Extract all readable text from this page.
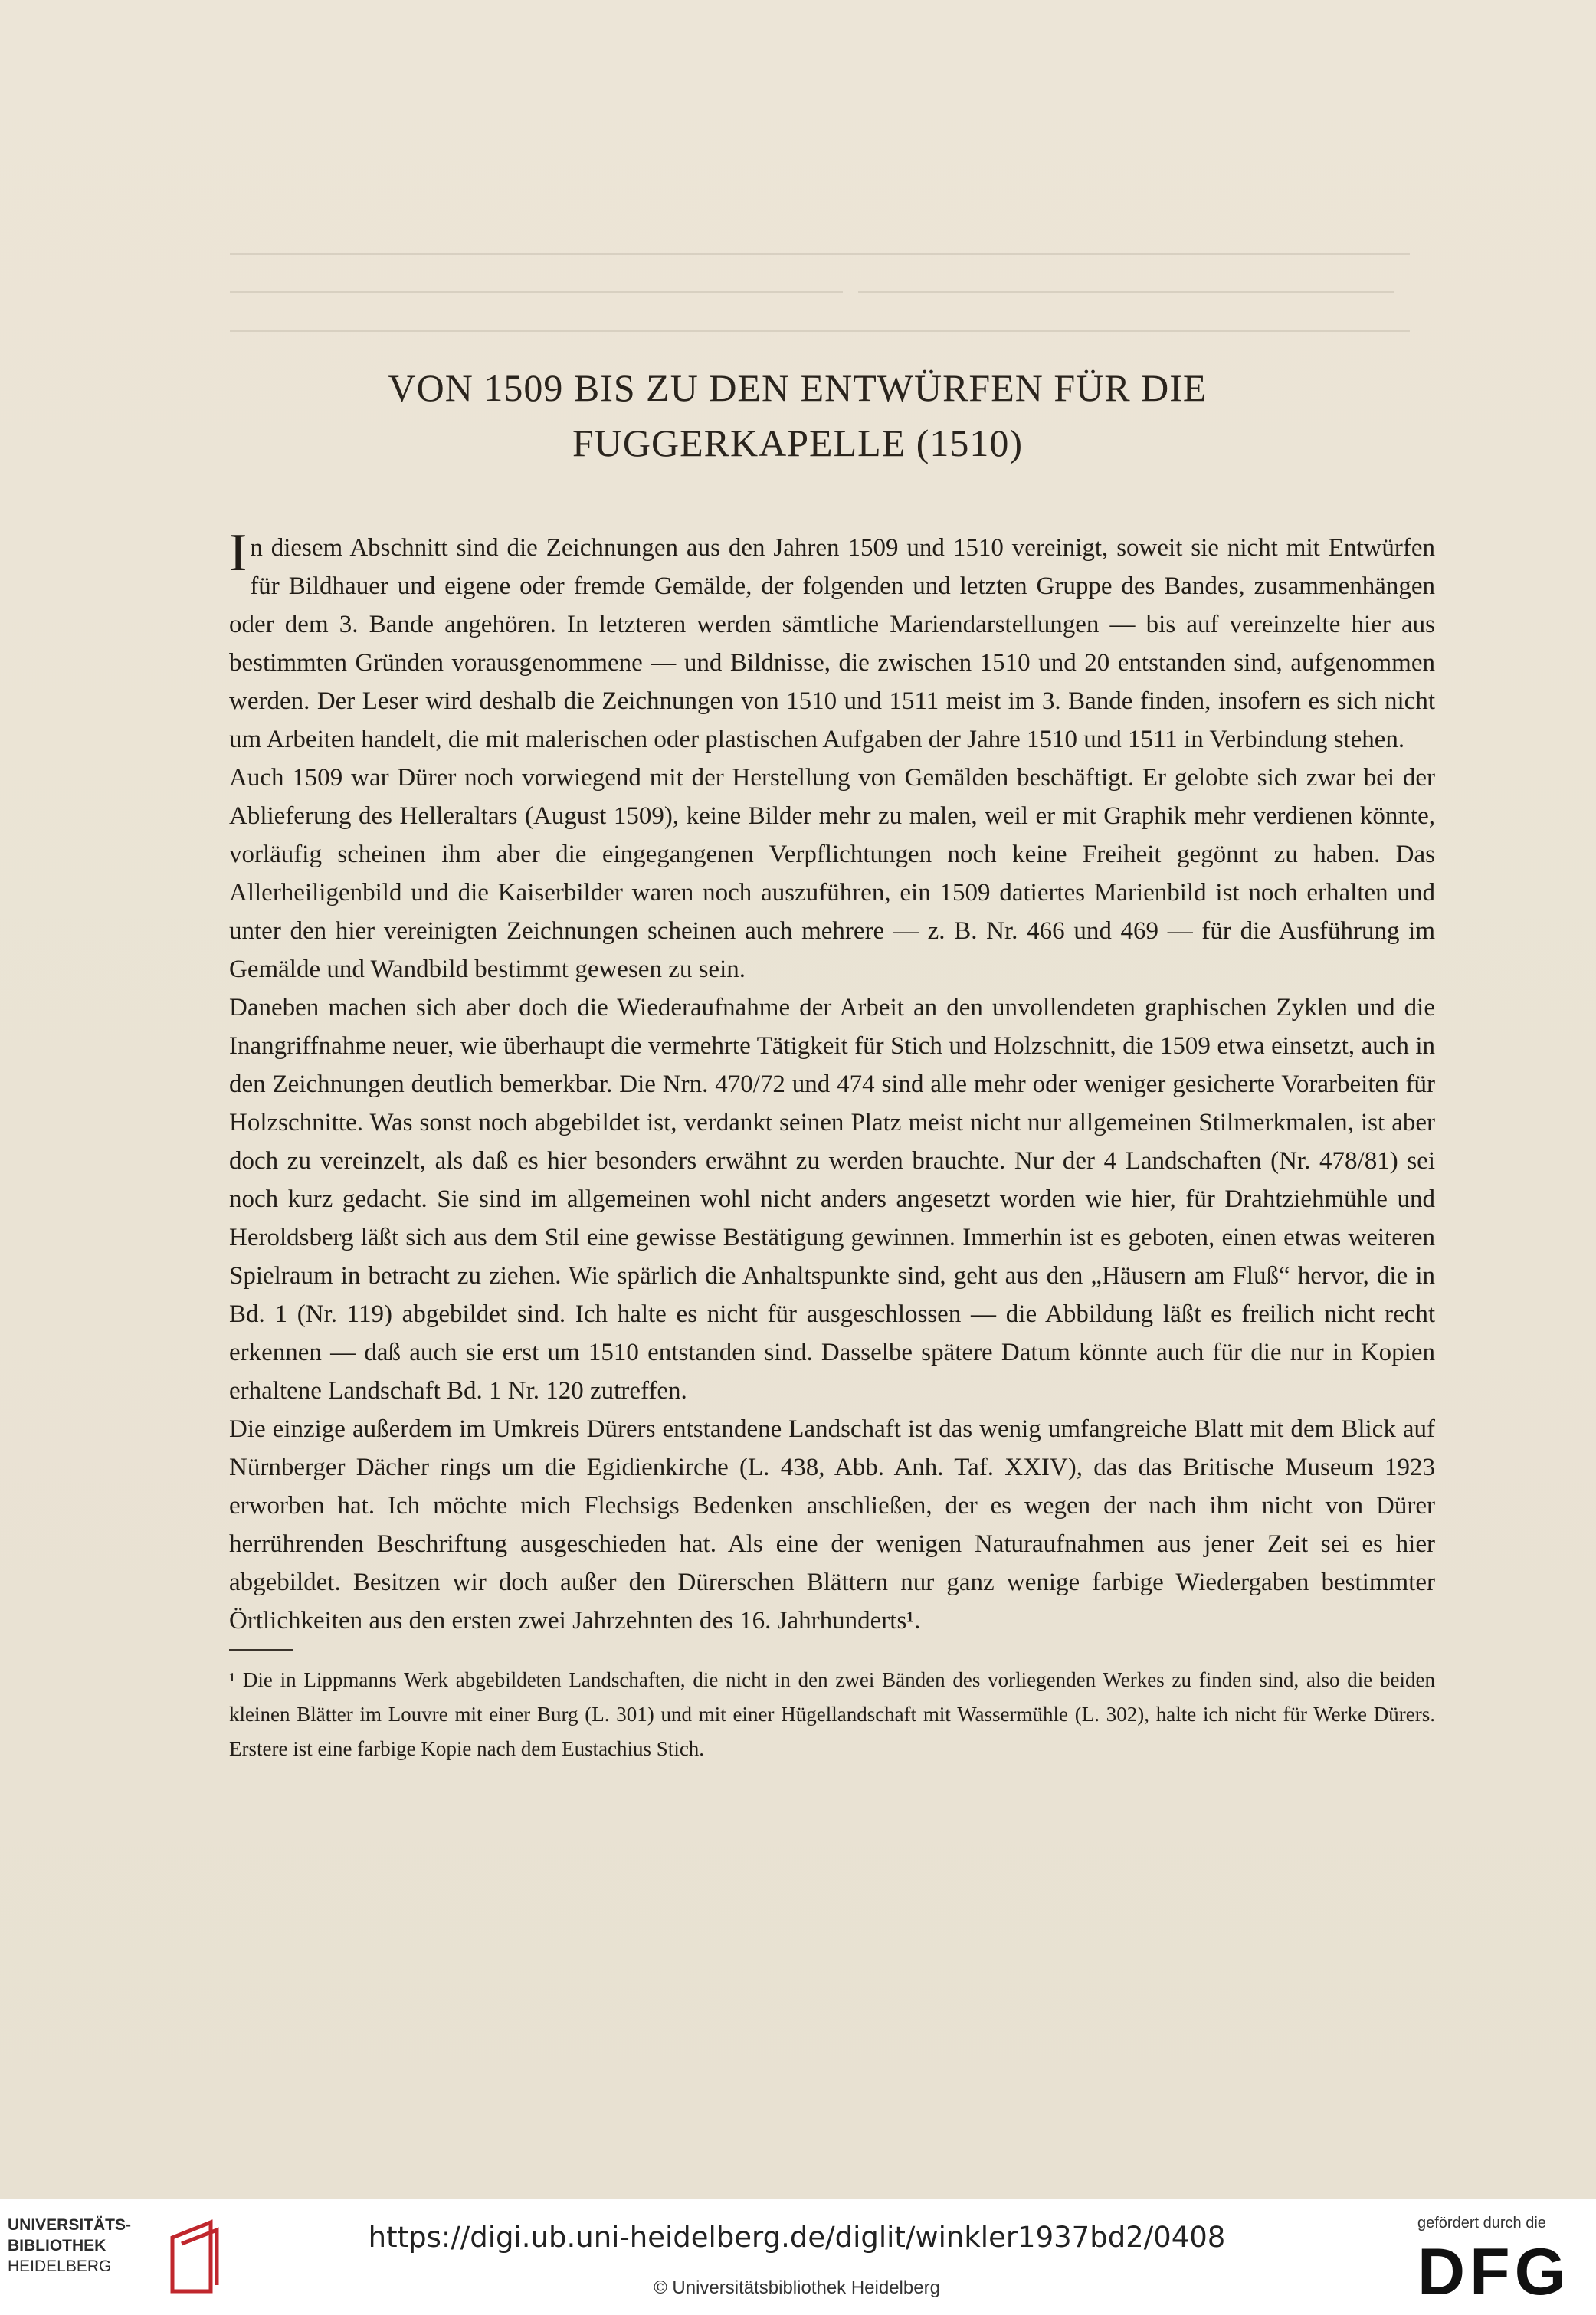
VON 1509 BIS ZU DEN ENTWÜRFEN FÜR DIE
FUGGERKAPELLE (1510)

In diesem Abschnitt sind die Zeichnungen aus den Jahren 1509 und 1510 vereinigt, soweit sie nicht mit Entwürfen für Bildhauer und eigene oder fremde Gemälde, der folgenden und letzten Gruppe des Bandes, zusammenhängen oder dem 3. Bande angehören. In letzteren werden sämtliche Mariendarstellungen — bis auf vereinzelte hier aus bestimmten Gründen vorausgenommene — und Bildnisse, die zwischen 1510 und 20 entstanden sind, aufgenommen werden. Der Leser wird deshalb die Zeichnungen von 1510 und 1511 meist im 3. Bande finden, insofern es sich nicht um Arbeiten handelt, die mit malerischen oder plastischen Aufgaben der Jahre 1510 und 1511 in Verbindung stehen.

Auch 1509 war Dürer noch vorwiegend mit der Herstellung von Gemälden beschäftigt. Er gelobte sich zwar bei der Ablieferung des Helleraltars (August 1509), keine Bilder mehr zu malen, weil er mit Graphik mehr verdienen könnte, vorläufig scheinen ihm aber die eingegangenen Verpflichtungen noch keine Freiheit gegönnt zu haben. Das Allerheiligenbild und die Kaiserbilder waren noch auszuführen, ein 1509 datiertes Marienbild ist noch erhalten und unter den hier vereinigten Zeichnungen scheinen auch mehrere — z. B. Nr. 466 und 469 — für die Ausführung im Gemälde und Wandbild bestimmt gewesen zu sein.

Daneben machen sich aber doch die Wiederaufnahme der Arbeit an den unvollendeten graphischen Zyklen und die Inangriffnahme neuer, wie überhaupt die vermehrte Tätigkeit für Stich und Holzschnitt, die 1509 etwa einsetzt, auch in den Zeichnungen deutlich bemerkbar. Die Nrn. 470/72 und 474 sind alle mehr oder weniger gesicherte Vorarbeiten für Holzschnitte. Was sonst noch abgebildet ist, verdankt seinen Platz meist nicht nur allgemeinen Stilmerkmalen, ist aber doch zu vereinzelt, als daß es hier besonders erwähnt zu werden brauchte. Nur der 4 Landschaften (Nr. 478/81) sei noch kurz gedacht. Sie sind im allgemeinen wohl nicht anders angesetzt worden wie hier, für Drahtziehmühle und Heroldsberg läßt sich aus dem Stil eine gewisse Bestätigung gewinnen. Immerhin ist es geboten, einen etwas weiteren Spielraum in betracht zu ziehen. Wie spärlich die Anhaltspunkte sind, geht aus den „Häusern am Fluß“ hervor, die in Bd. 1 (Nr. 119) abgebildet sind. Ich halte es nicht für ausgeschlossen — die Abbildung läßt es freilich nicht recht erkennen — daß auch sie erst um 1510 entstanden sind. Dasselbe spätere Datum könnte auch für die nur in Kopien erhaltene Landschaft Bd. 1 Nr. 120 zutreffen.

Die einzige außerdem im Umkreis Dürers entstandene Landschaft ist das wenig umfangreiche Blatt mit dem Blick auf Nürnberger Dächer rings um die Egidienkirche (L. 438, Abb. Anh. Taf. XXIV), das das Britische Museum 1923 erworben hat. Ich möchte mich Flechsigs Bedenken anschließen, der es wegen der nach ihm nicht von Dürer herrührenden Beschriftung ausgeschieden hat. Als eine der wenigen Naturaufnahmen aus jener Zeit sei es hier abgebildet. Besitzen wir doch außer den Dürerschen Blättern nur ganz wenige farbige Wiedergaben bestimmter Örtlichkeiten aus den ersten zwei Jahrzehnten des 16. Jahrhunderts¹.

¹ Die in Lippmanns Werk abgebildeten Landschaften, die nicht in den zwei Bänden des vorliegenden Werkes zu finden sind, also die beiden kleinen Blätter im Louvre mit einer Burg (L. 301) und mit einer Hügellandschaft mit Wassermühle (L. 302), halte ich nicht für Werke Dürers. Erstere ist eine farbige Kopie nach dem Eustachius Stich.

UNIVERSITÄTS-
BIBLIOTHEK
HEIDELBERG
https://digi.ub.uni-heidelberg.de/diglit/winkler1937bd2/0408
© Universitätsbibliothek Heidelberg
gefördert durch die
DFG
